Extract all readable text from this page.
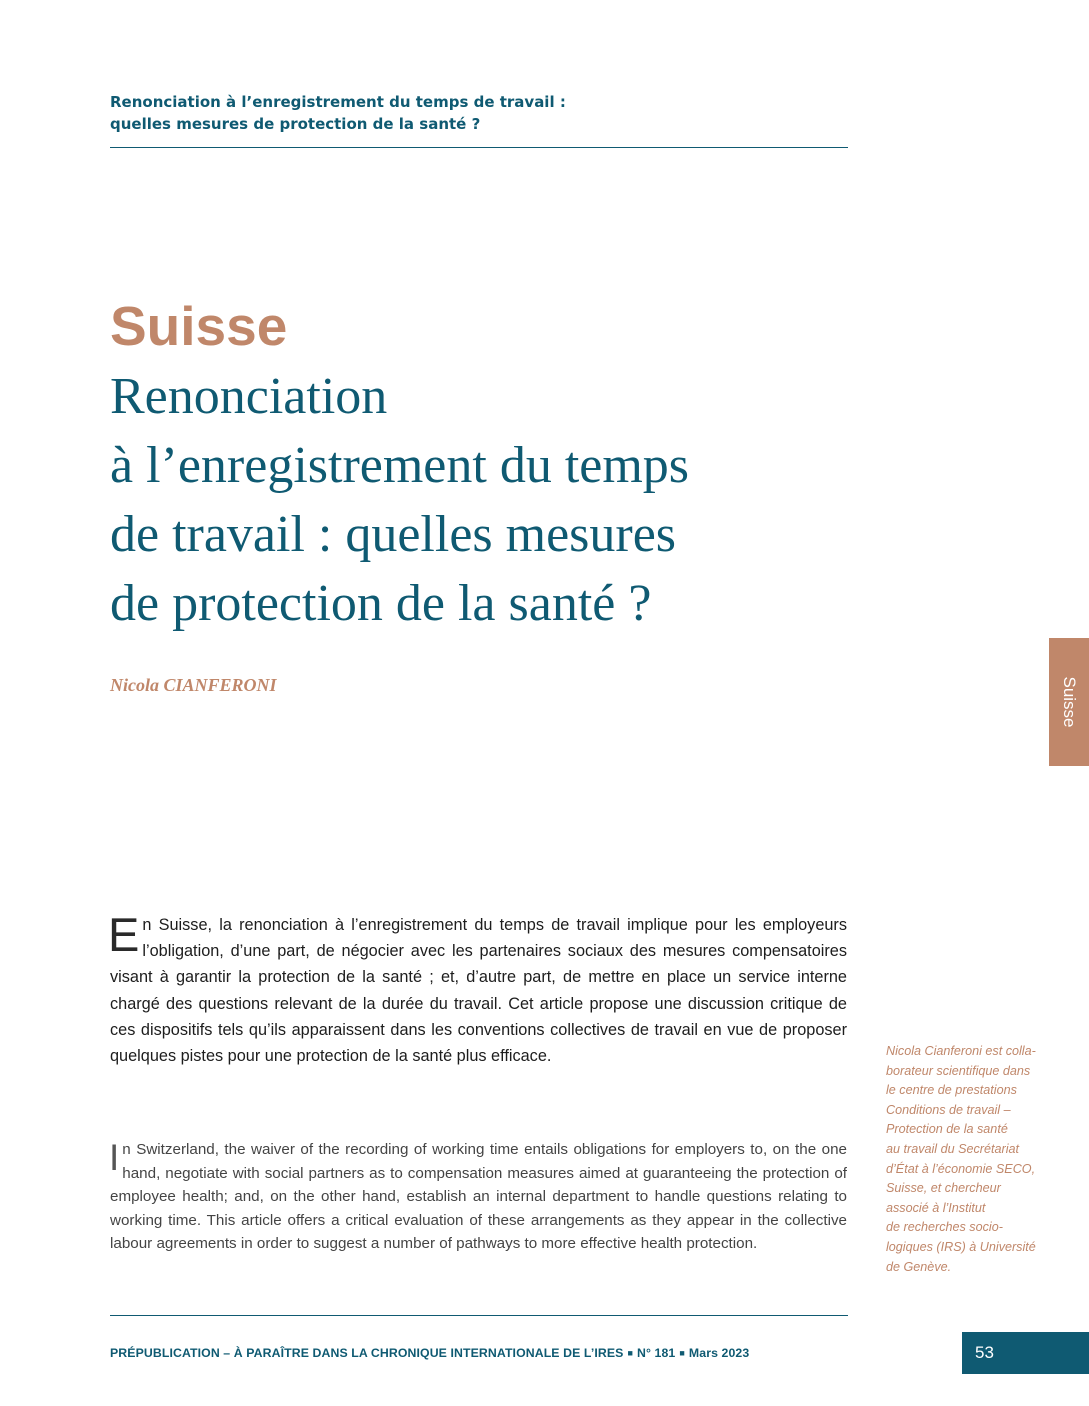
Renonciation à l’enregistrement du temps de travail :
quelles mesures de protection de la santé ?
Suisse
Renonciation
à l’enregistrement du temps
de travail : quelles mesures
de protection de la santé ?
Nicola CIANFERONI	Suisse

En Suisse, la renonciation à l’enregistrement du temps de travail implique pour les employeurs l’obligation, d’une part, de négocier avec les partenaires sociaux des mesures compensatoires visant à garantir la protection de la santé ; et, d’autre part, de mettre en place un service interne chargé des questions relevant de la durée du travail. Cet article propose une discussion critique de ces dispositifs tels qu’ils apparaissent dans les conventions collectives de travail en vue de proposer quelques pistes pour une protection de la santé plus efficace.

In Switzerland, the waiver of the recording of working time entails obligations for employers to, on the one hand, negotiate with social partners as to compensation measures aimed at guaranteeing the protection of employee health; and, on the other hand, establish an internal department to handle questions relating to working time. This article offers a critical evaluation of these arrangements as they appear in the collective labour agreements in order to suggest a number of pathways to more effective health protection.

Nicola Cianferoni est colla-
borateur scientifique dans
le centre de prestations
Conditions de travail –
Protection de la santé
au travail du Secrétariat
d’État à l’économie SECO,
Suisse, et chercheur
associé à l’Institut
de recherches socio-
logiques (IRS) à Université
de Genève.

PRÉPUBLICATION – À PARAÎTRE DANS LA CHRONIQUE INTERNATIONALE DE L’IRES ■ N° 181 ■ Mars 2023	53
